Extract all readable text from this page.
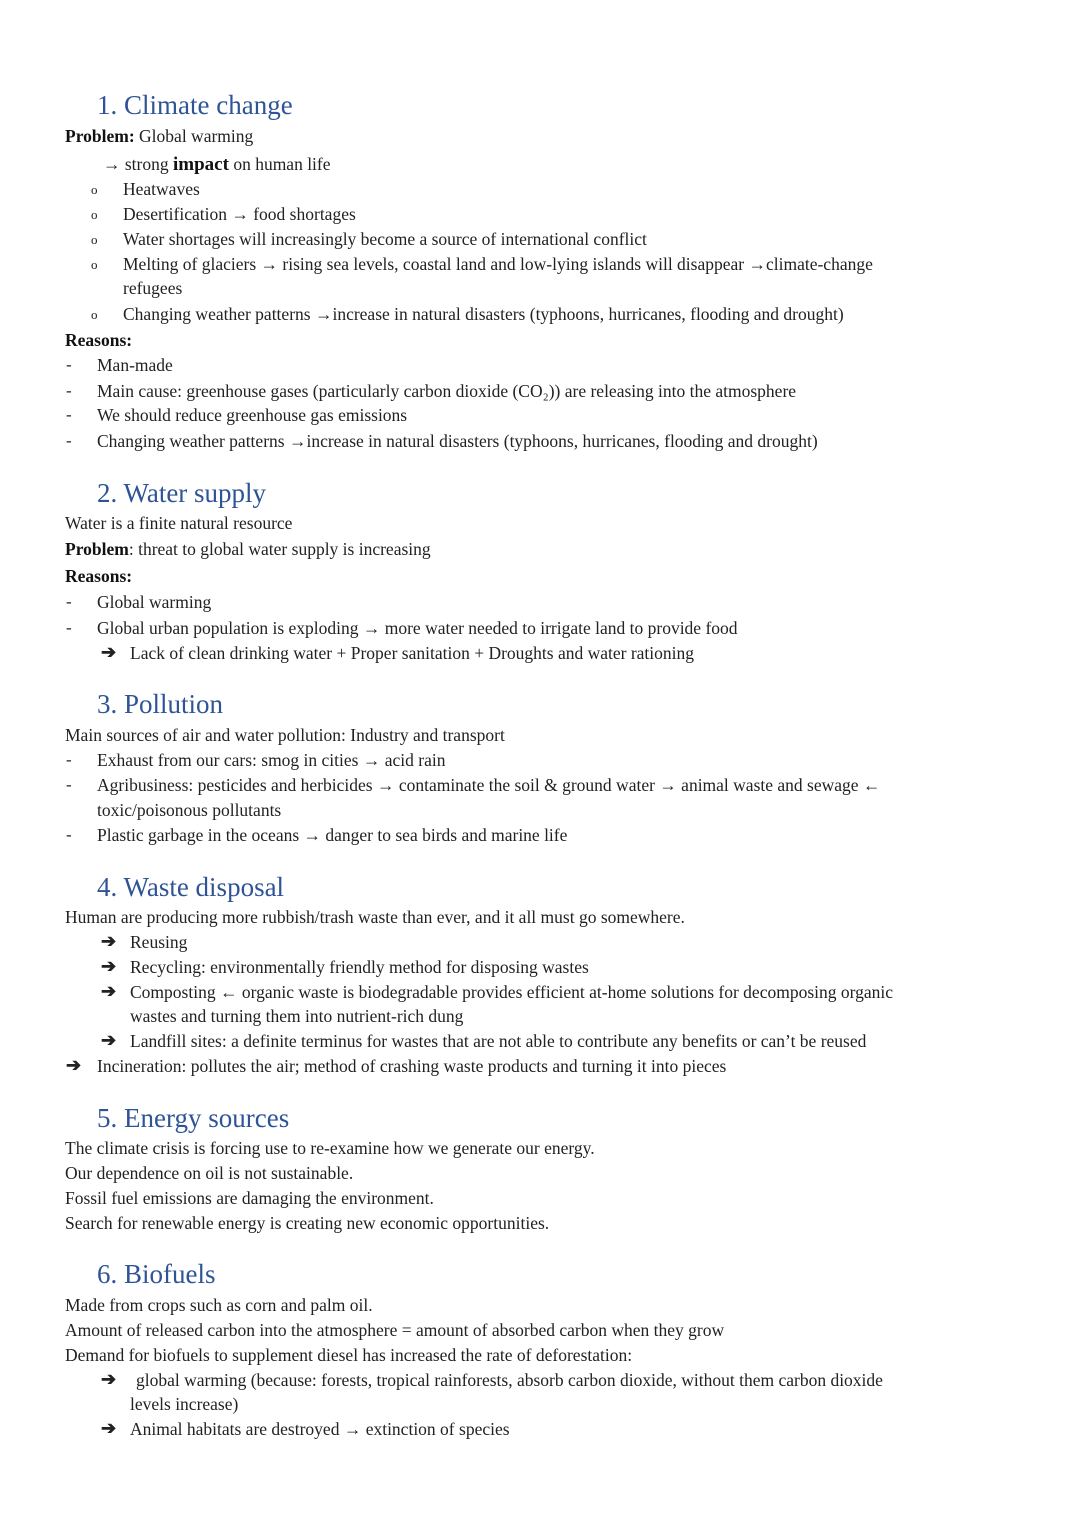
1. Climate change
Problem: Global warming
→ strong impact on human life
o Heatwaves
o Desertification → food shortages
o Water shortages will increasingly become a source of international conflict
o Melting of glaciers → rising sea levels, coastal land and low-lying islands will disappear →climate-change
refugees
o Changing weather patterns →increase in natural disasters (typhoons, hurricanes, flooding and drought)
Reasons:
- Man-made
- Main cause: greenhouse gases (particularly carbon dioxide (CO₂)) are releasing into the atmosphere
- We should reduce greenhouse gas emissions
- Changing weather patterns →increase in natural disasters (typhoons, hurricanes, flooding and drought)
2. Water supply
Water is a finite natural resource
Problem: threat to global water supply is increasing
Reasons:
- Global warming
- Global urban population is exploding → more water needed to irrigate land to provide food
➔ Lack of clean drinking water + Proper sanitation + Droughts and water rationing
3. Pollution
Main sources of air and water pollution: Industry and transport
- Exhaust from our cars: smog in cities → acid rain
- Agribusiness: pesticides and herbicides → contaminate the soil & ground water → animal waste and sewage ←
toxic/poisonous pollutants
- Plastic garbage in the oceans → danger to sea birds and marine life
4. Waste disposal
Human are producing more rubbish/trash waste than ever, and it all must go somewhere.
➔ Reusing
➔ Recycling: environmentally friendly method for disposing wastes
➔ Composting ← organic waste is biodegradable provides efficient at-home solutions for decomposing organic
wastes and turning them into nutrient-rich dung
➔ Landfill sites: a definite terminus for wastes that are not able to contribute any benefits or can’t be reused
➔ Incineration: pollutes the air; method of crashing waste products and turning it into pieces
5. Energy sources
The climate crisis is forcing use to re-examine how we generate our energy.
Our dependence on oil is not sustainable.
Fossil fuel emissions are damaging the environment.
Search for renewable energy is creating new economic opportunities.
6. Biofuels
Made from crops such as corn and palm oil.
Amount of released carbon into the atmosphere = amount of absorbed carbon when they grow
Demand for biofuels to supplement diesel has increased the rate of deforestation:
➔ global warming (because: forests, tropical rainforests, absorb carbon dioxide, without them carbon dioxide
levels increase)
➔ Animal habitats are destroyed → extinction of species
